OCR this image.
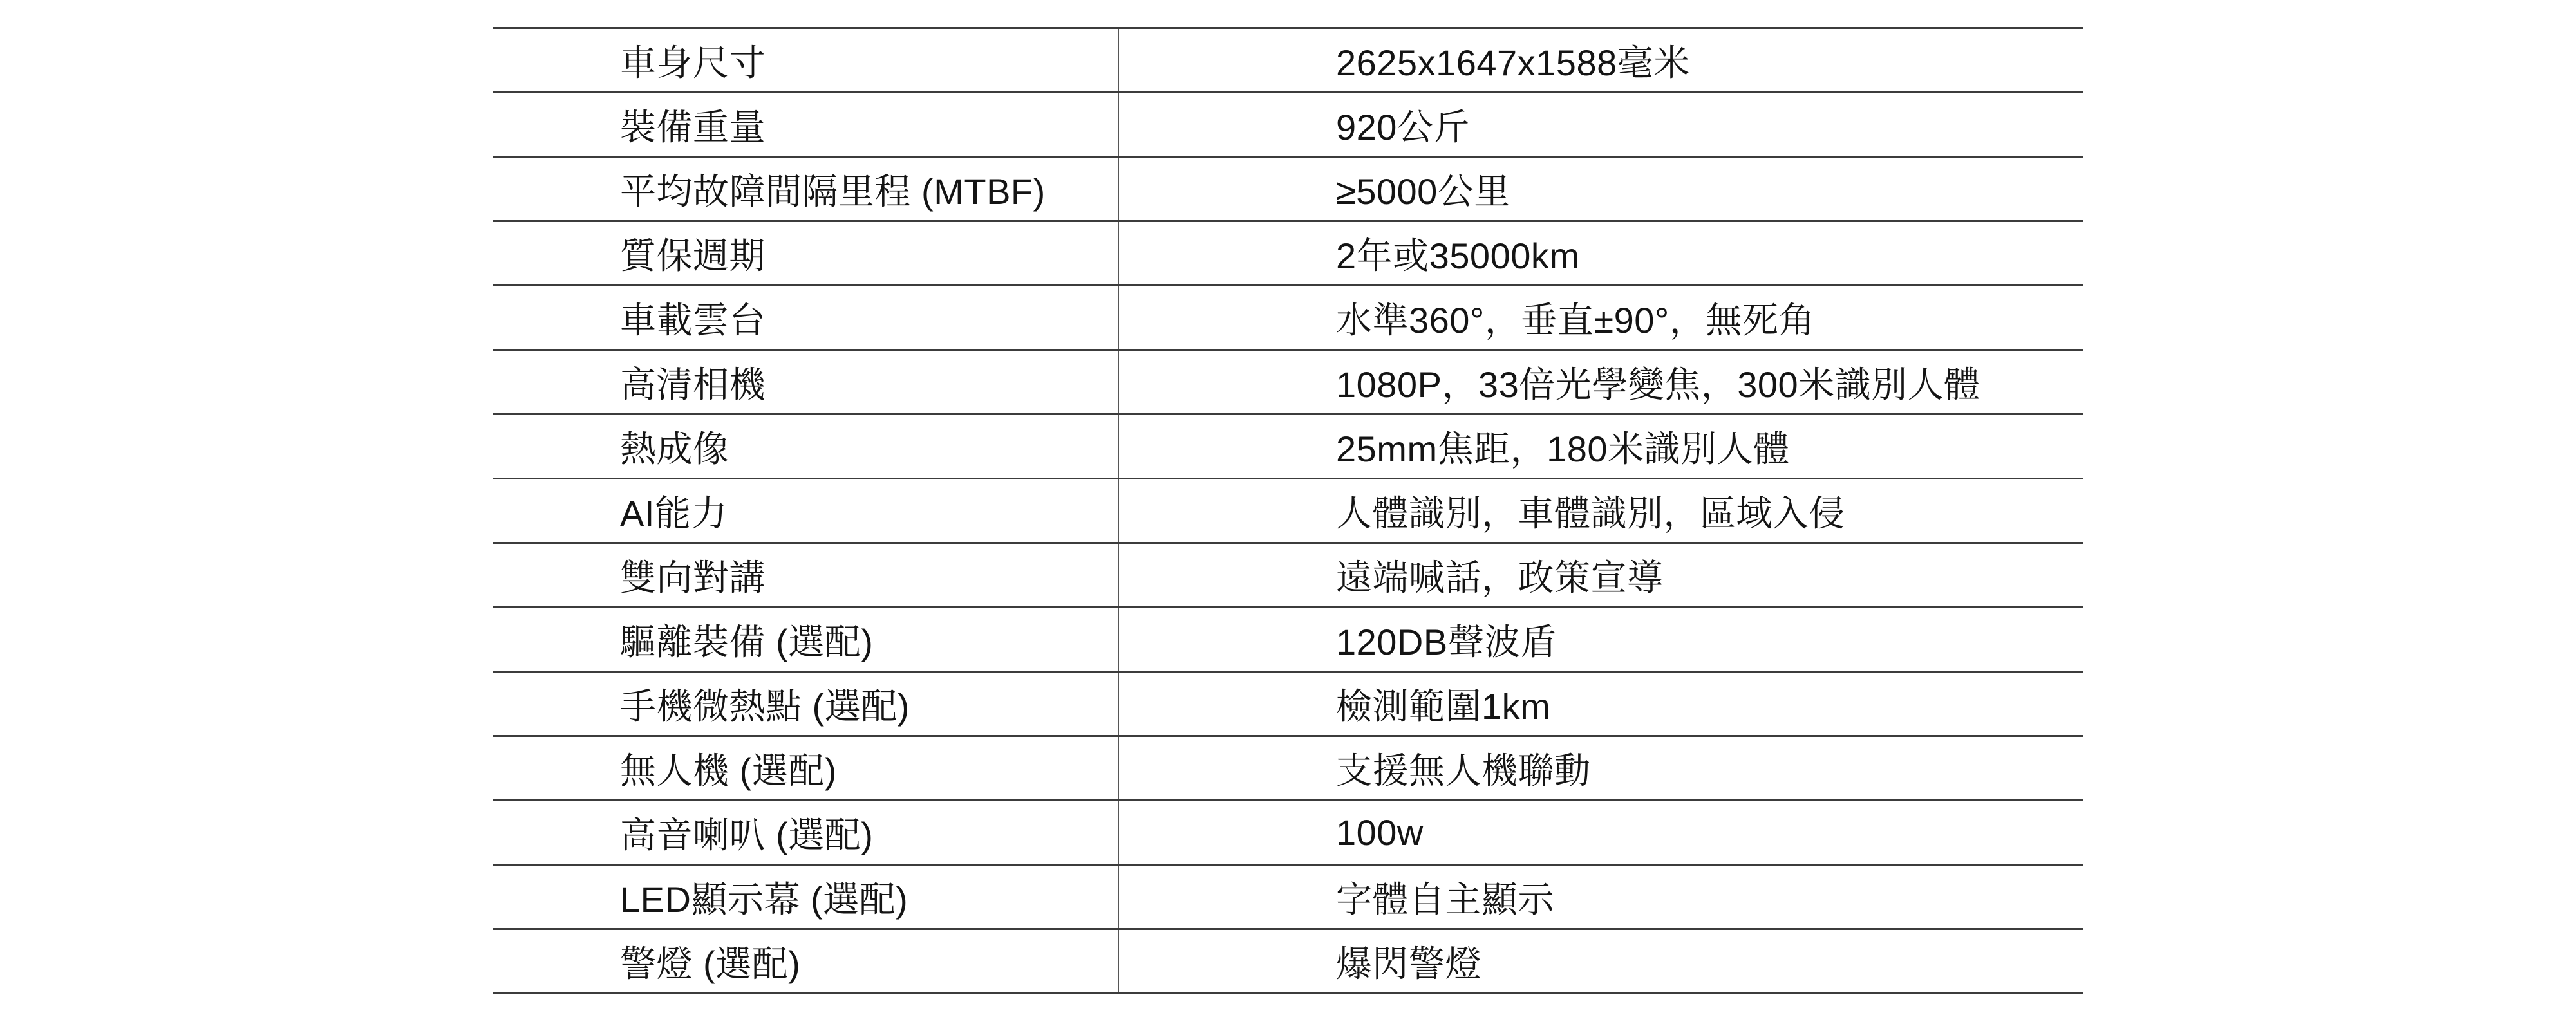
車身尺寸	2625x1647x1588毫米
裝備重量	920公斤
平均故障間隔里程 (MTBF)	≥5000公里
質保週期	2年或35000km
車載雲台	水準360°，垂直±90°，無死角
高清相機	1080P，33倍光學變焦，300米識別人體
熱成像	25mm焦距，180米識別人體
AI能力	人體識別，車體識別，區域入侵
雙向對講	遠端喊話，政策宣導
驅離裝備 (選配)	120DB聲波盾
手機微熱點 (選配)	檢測範圍1km
無人機 (選配)	支援無人機聯動
高音喇叭 (選配)	100w
LED顯示幕 (選配)	字體自主顯示
警燈 (選配)	爆閃警燈
